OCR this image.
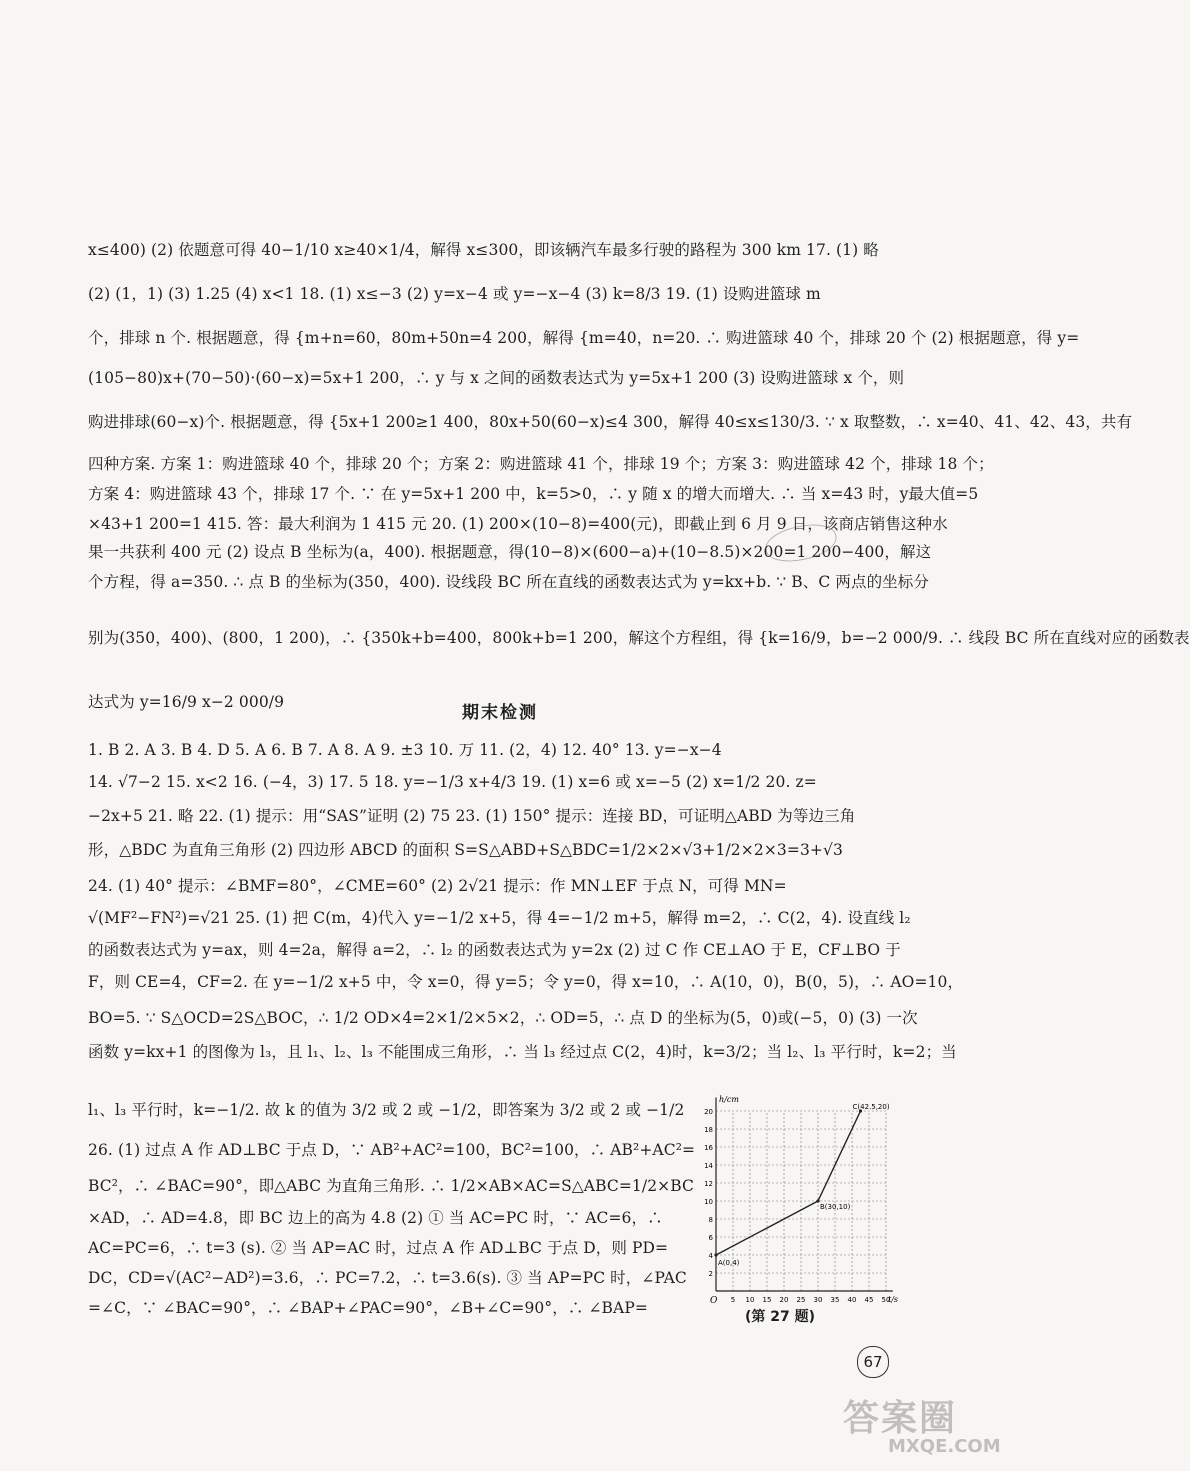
x≤400) (2) 依题意可得 40−1/10 x≥40×1/4，解得 x≤300，即该辆汽车最多行驶的路程为 300 km 17. (1) 略
(2) (1，1) (3) 1.25 (4) x<1 18. (1) x≤−3 (2) y=x−4 或 y=−x−4 (3) k=8/3 19. (1) 设购进篮球 m
个，排球 n 个. 根据题意，得 {m+n=60，80m+50n=4 200，解得 {m=40，n=20. ∴ 购进篮球 40 个，排球 20 个 (2) 根据题意，得 y=
(105−80)x+(70−50)·(60−x)=5x+1 200，∴ y 与 x 之间的函数表达式为 y=5x+1 200 (3) 设购进篮球 x 个，则
购进排球(60−x)个. 根据题意，得 {5x+1 200≥1 400，80x+50(60−x)≤4 300，解得 40≤x≤130/3. ∵ x 取整数，∴ x=40、41、42、43，共有
四种方案. 方案 1：购进篮球 40 个，排球 20 个；方案 2：购进篮球 41 个，排球 19 个；方案 3：购进篮球 42 个，排球 18 个；
方案 4：购进篮球 43 个，排球 17 个. ∵ 在 y=5x+1 200 中，k=5>0，∴ y 随 x 的增大而增大. ∴ 当 x=43 时，y最大值=5
×43+1 200=1 415. 答：最大利润为 1 415 元 20. (1) 200×(10−8)=400(元)，即截止到 6 月 9 日，该商店销售这种水
果一共获利 400 元 (2) 设点 B 坐标为(a，400). 根据题意，得(10−8)×(600−a)+(10−8.5)×200=1 200−400，解这
个方程，得 a=350. ∴ 点 B 的坐标为(350，400). 设线段 BC 所在直线的函数表达式为 y=kx+b. ∵ B、C 两点的坐标分
别为(350，400)、(800，1 200)，∴ {350k+b=400，800k+b=1 200，解这个方程组，得 {k=16/9，b=−2 000/9. ∴ 线段 BC 所在直线对应的函数表
达式为 y=16/9 x−2 000/9
期末检测
1. B 2. A 3. B 4. D 5. A 6. B 7. A 8. A 9. ±3 10. 万 11. (2，4) 12. 40° 13. y=−x−4
14. √7−2 15. x<2 16. (−4，3) 17. 5 18. y=−1/3 x+4/3 19. (1) x=6 或 x=−5 (2) x=1/2 20. z=
−2x+5 21. 略 22. (1) 提示：用“SAS”证明 (2) 75 23. (1) 150° 提示：连接 BD，可证明△ABD 为等边三角
形，△BDC 为直角三角形 (2) 四边形 ABCD 的面积 S=S△ABD+S△BDC=1/2×2×√3+1/2×2×3=3+√3
24. (1) 40° 提示：∠BMF=80°，∠CME=60° (2) 2√21 提示：作 MN⊥EF 于点 N，可得 MN=
√(MF²−FN²)=√21 25. (1) 把 C(m，4)代入 y=−1/2 x+5，得 4=−1/2 m+5，解得 m=2，∴ C(2，4). 设直线 l₂
的函数表达式为 y=ax，则 4=2a，解得 a=2，∴ l₂ 的函数表达式为 y=2x (2) 过 C 作 CE⊥AO 于 E，CF⊥BO 于
F，则 CE=4，CF=2. 在 y=−1/2 x+5 中，令 x=0，得 y=5；令 y=0，得 x=10，∴ A(10，0)，B(0，5)，∴ AO=10，
BO=5. ∵ S△OCD=2S△BOC，∴ 1/2 OD×4=2×1/2×5×2，∴ OD=5，∴ 点 D 的坐标为(5，0)或(−5，0) (3) 一次
函数 y=kx+1 的图像为 l₃，且 l₁、l₂、l₃ 不能围成三角形，∴ 当 l₃ 经过点 C(2，4)时，k=3/2；当 l₂、l₃ 平行时，k=2；当
l₁、l₃ 平行时，k=−1/2. 故 k 的值为 3/2 或 2 或 −1/2，即答案为 3/2 或 2 或 −1/2
26. (1) 过点 A 作 AD⊥BC 于点 D，∵ AB²+AC²=100，BC²=100，∴ AB²+AC²=
BC²，∴ ∠BAC=90°，即△ABC 为直角三角形. ∴ 1/2×AB×AC=S△ABC=1/2×BC
×AD，∴ AD=4.8，即 BC 边上的高为 4.8 (2) ① 当 AC=PC 时，∵ AC=6，∴
AC=PC=6，∴ t=3 (s). ② 当 AP=AC 时，过点 A 作 AD⊥BC 于点 D，则 PD=
DC，CD=√(AC²−AD²)=3.6，∴ PC=7.2，∴ t=3.6(s). ③ 当 AP=PC 时，∠PAC
=∠C，∵ ∠BAC=90°，∴ ∠BAP+∠PAC=90°，∠B+∠C=90°，∴ ∠BAP=	5 10 15 20 25 30 35 40 45 50
2
4
6
8
10
12
14
16
18
20
O
h/cm
t/s
A(0,4)
B(30,10)
C(42.5,20)
(第 27 题)
67
答案圈
MXQE.COM
